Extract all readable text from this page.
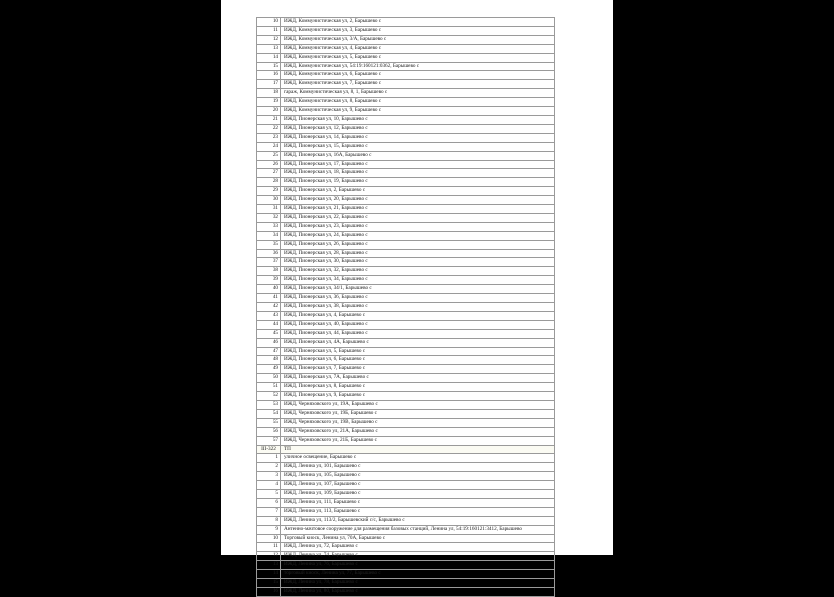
10	ИЖД, Коммунистическая ул, 2, Барышево с
11	ИЖД, Коммунистическая ул, 3, Барышево с
12	ИЖД, Коммунистическая ул, 3/А, Барышево с
13	ИЖД, Коммунистическая ул, 4, Барышево с
14	ИЖД, Коммунистическая ул, 5, Барышево с
15	ИЖД, Коммунистическая ул, 54:19:160121:0362, Барышево с
16	ИЖД, Коммунистическая ул, 6, Барышево с
17	ИЖД, Коммунистическая ул, 7, Барышево с
18	гараж, Коммунистическая ул, 8, 1, Барышево с
19	ИЖД, Коммунистическая ул, 8, Барышево с
20	ИЖД, Коммунистическая ул, 9, Барышево с
21	ИЖД, Пионерская ул, 10, Барышево с
22	ИЖД, Пионерская ул, 12, Барышево с
23	ИЖД, Пионерская ул, 14, Барышево с
24	ИЖД, Пионерская ул, 15, Барышево с
25	ИЖД, Пионерская ул, 16А, Барышево с
26	ИЖД, Пионерская ул, 17, Барышево с
27	ИЖД, Пионерская ул, 18, Барышево с
28	ИЖД, Пионерская ул, 19, Барышево с
29	ИЖД, Пионерская ул, 2, Барышево с
30	ИЖД, Пионерская ул, 20, Барышево с
31	ИЖД, Пионерская ул, 21, Барышево с
32	ИЖД, Пионерская ул, 22, Барышево с
33	ИЖД, Пионерская ул, 23, Барышево с
34	ИЖД, Пионерская ул, 24, Барышево с
35	ИЖД, Пионерская ул, 26, Барышево с
36	ИЖД, Пионерская ул, 28, Барышево с
37	ИЖД, Пионерская ул, 30, Барышево с
38	ИЖД, Пионерская ул, 32, Барышево с
39	ИЖД, Пионерская ул, 34, Барышево с
40	ИЖД, Пионерская ул, 34/1, Барышево с
41	ИЖД, Пионерская ул, 36, Барышево с
42	ИЖД, Пионерская ул, 38, Барышево с
43	ИЖД, Пионерская ул, 4, Барышево с
44	ИЖД, Пионерская ул, 40, Барышево с
45	ИЖД, Пионерская ул, 44, Барышево с
46	ИЖД, Пионерская ул, 4А, Барышево с
47	ИЖД, Пионерская ул, 5, Барышево с
48	ИЖД, Пионерская ул, 6, Барышево с
49	ИЖД, Пионерская ул, 7, Барышево с
50	ИЖД, Пионерская ул, 7А, Барышево с
51	ИЖД, Пионерская ул, 8, Барышево с
52	ИЖД, Пионерская ул, 9, Барышево с
53	ИЖД, Черняховского ул, 19А, Барышево с
54	ИЖД, Черняховского ул, 19Б, Барышево с
55	ИЖД, Черняховского ул, 19В, Барышево с
56	ИЖД, Черняховского ул, 21А, Барышево с
57	ИЖД, Черняховского ул, 21Б, Барышево с
III-322	ТП
1	уличное освещение, Барышево с
2	ИЖД, Ленина ул, 101, Барышево с
3	ИЖД, Ленина ул, 105, Барышево с
4	ИЖД, Ленина ул, 107, Барышево с
5	ИЖД, Ленина ул, 109, Барышево с
6	ИЖД, Ленина ул, 111, Барышево с
7	ИЖД, Ленина ул, 113, Барышево с
8	ИЖД, Ленина ул, 113/2, Барышевский с/с, Барышево с
9	Антенно-мачтовое сооружение для размещения базовых станций, Ленина ул, 54:19:160121:3412, Барышево
10	Торговый киоск, Ленина ул, 70А, Барышево с
11	ИЖД, Ленина ул, 72, Барышево с
12	ИЖД, Ленина ул, 74, Барышево с
13	ИЖД, Ленина ул, 76, Барышево с
14	торговый киоск, Ленина ул, 77, Барышево с
15	ИЖД, Ленина ул, 78, Барышево с
16	ИЖД, Ленина ул, 80, Барышево с
